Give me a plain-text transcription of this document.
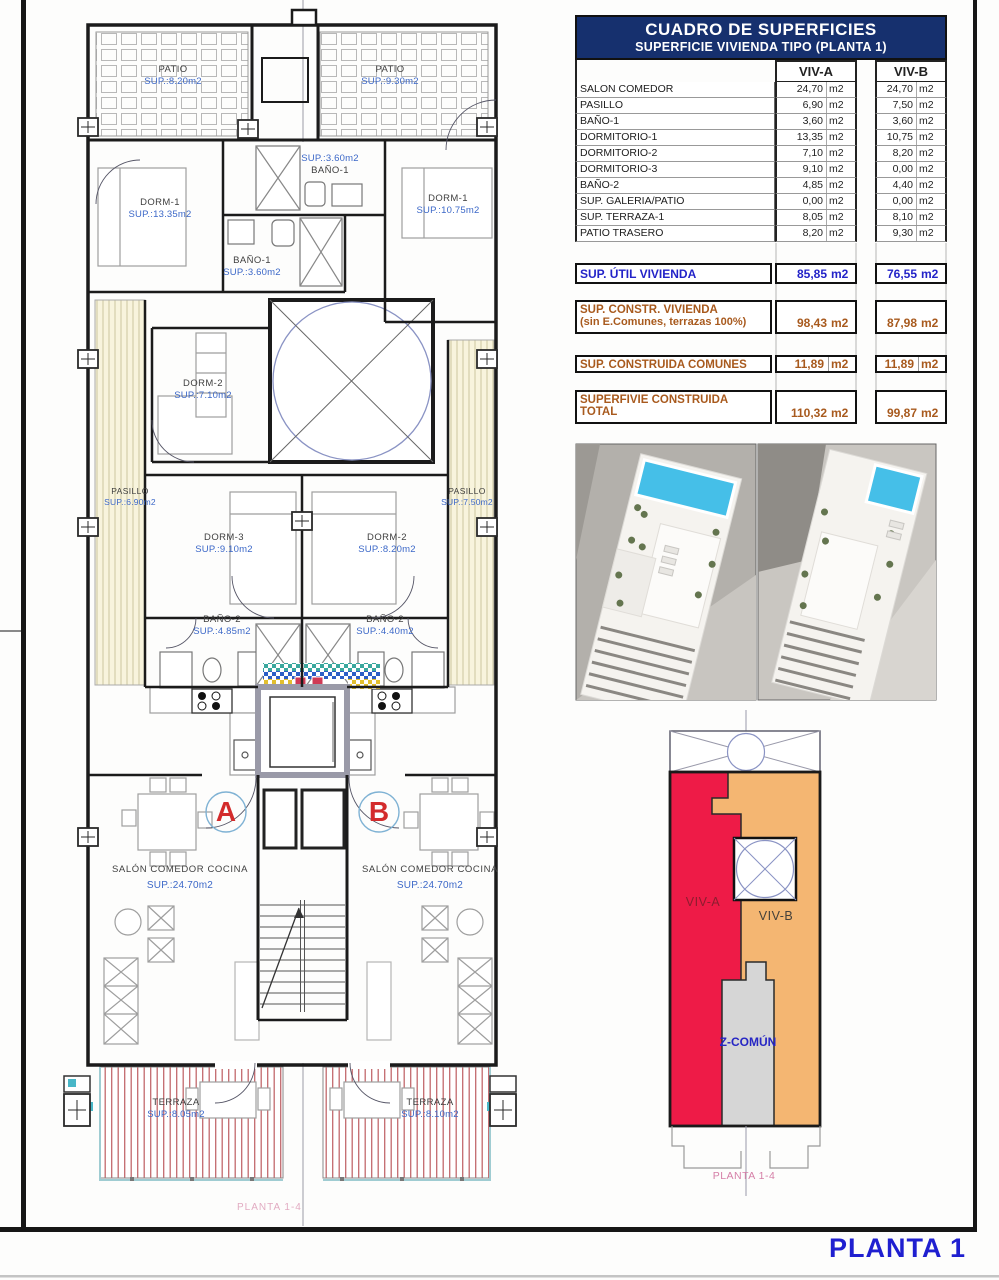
PATIO
SUP.:8.20m2
PATIO
SUP.:9.30m2
DORM-1
SUP.:13.35m2
SUP.:3.60m2
BAÑO-1
DORM-1
SUP.:10.75m2
BAÑO-1
SUP.:3.60m2
DORM-2
SUP.:7.10m2
PASILLO
SUP.:6.90m2
PASILLO
SUP.:7.50m2
DORM-3
SUP.:9.10m2
DORM-2
SUP.:8.20m2
BAÑO-2
SUP.:4.85m2
BAÑO-2
SUP.:4.40m2
SALÓN COMEDOR COCINA
SUP.:24.70m2
SALÓN COMEDOR COCINA
SUP.:24.70m2
TERRAZA
SUP.:8.05m2
TERRAZA
SUP.:8.10m2
A	B
PLANTA 1-4
CUADRO DE SUPERFICIES
SUPERFICIE VIVIENDA TIPO (PLANTA 1)
VIV-A	VIV-B
SALON COMEDOR	24,70 m2	24,70 m2
PASILLO	6,90 m2	7,50 m2
BAÑO-1	3,60 m2	3,60 m2
DORMITORIO-1	13,35 m2	10,75 m2
DORMITORIO-2	7,10 m2	8,20 m2
DORMITORIO-3	9,10 m2	0,00 m2
BAÑO-2	4,85 m2	4,40 m2
SUP. GALERIA/PATIO	0,00 m2	0,00 m2
SUP. TERRAZA-1	8,05 m2	8,10 m2
PATIO TRASERO	8,20 m2	9,30 m2
SUP. ÚTIL VIVIENDA	85,85 m2	76,55 m2
SUP. CONSTR. VIVIENDA
(sin E.Comunes, terrazas 100%)	98,43 m2	87,98 m2
SUP. CONSTRUIDA COMUNES	11,89 m2	11,89 m2
SUPERFIVIE CONSTRUIDA
TOTAL	110,32 m2	99,87 m2
VIV-A
VIV-B
Z-COMÚN
PLANTA 1-4
PLANTA 1
